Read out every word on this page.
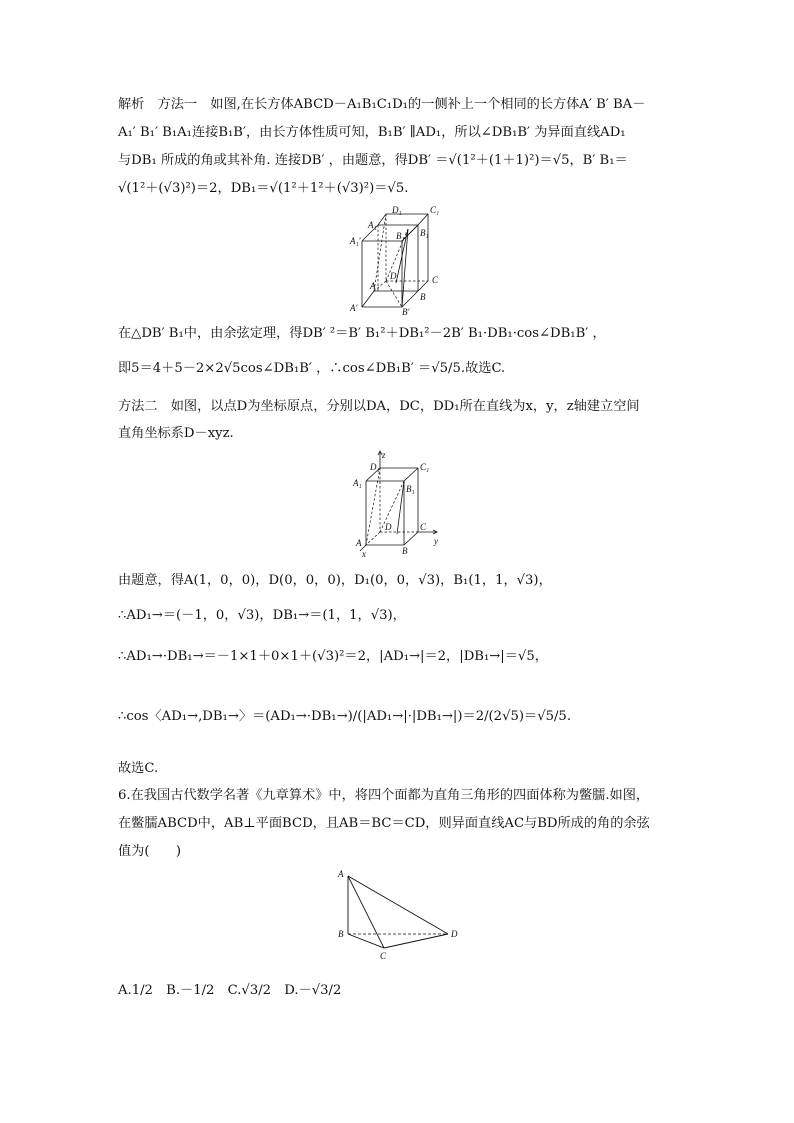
解析　方法一　如图,在长方体ABCD－A₁B₁C₁D₁的一侧补上一个相同的长方体A′ B′ BA－
A₁′ B₁′ B₁A₁连接B₁B′，由长方体性质可知，B₁B′ ∥AD₁，所以∠DB₁B′ 为异面直线AD₁
与DB₁ 所成的角或其补角. 连接DB′ ，由题意，得DB′ ＝√(1²＋(1＋1)²)＝√5，B′ B₁＝
√(1²＋(√3)²)＝2，DB₁＝√(1²＋1²＋(√3)²)＝√5.
D₁	C₁
A₁
B₁′ B₁
A₁′
D	C
A
B
A′	B′
在△DB′ B₁中，由余弦定理，得DB′ ²＝B′ B₁²＋DB₁²－2B′ B₁·DB₁·cos∠DB₁B′ ，
即5＝4＋5－2×2√5cos∠DB₁B′ ，∴cos∠DB₁B′ ＝√5/5.故选C.
方法二　如图，以点D为坐标原点，分别以DA，DC，DD₁所在直线为x，y，z轴建立空间
直角坐标系D－xyz.
z
D₁	C₁
A₁
B₁
D	C
A
B
x
y
由题意，得A(1，0，0)，D(0，0，0)，D₁(0，0，√3)，B₁(1，1，√3)，
∴AD₁→＝(－1，0，√3)，DB₁→＝(1，1，√3)，
∴AD₁→·DB₁→＝－1×1＋0×1＋(√3)²＝2，|AD₁→|＝2，|DB₁→|＝√5，
∴cos〈AD₁→,DB₁→〉＝(AD₁→·DB₁→)/(|AD₁→|·|DB₁→|)＝2/(2√5)＝√5/5.
故选C.
6.在我国古代数学名著《九章算术》中，将四个面都为直角三角形的四面体称为鳖臑.如图，
在鳖臑ABCD中，AB⊥平面BCD，且AB＝BC＝CD，则异面直线AC与BD所成的角的余弦
值为(　　)
A
B
C
D
A.1/2　B.－1/2　C.√3/2　D.－√3/2
